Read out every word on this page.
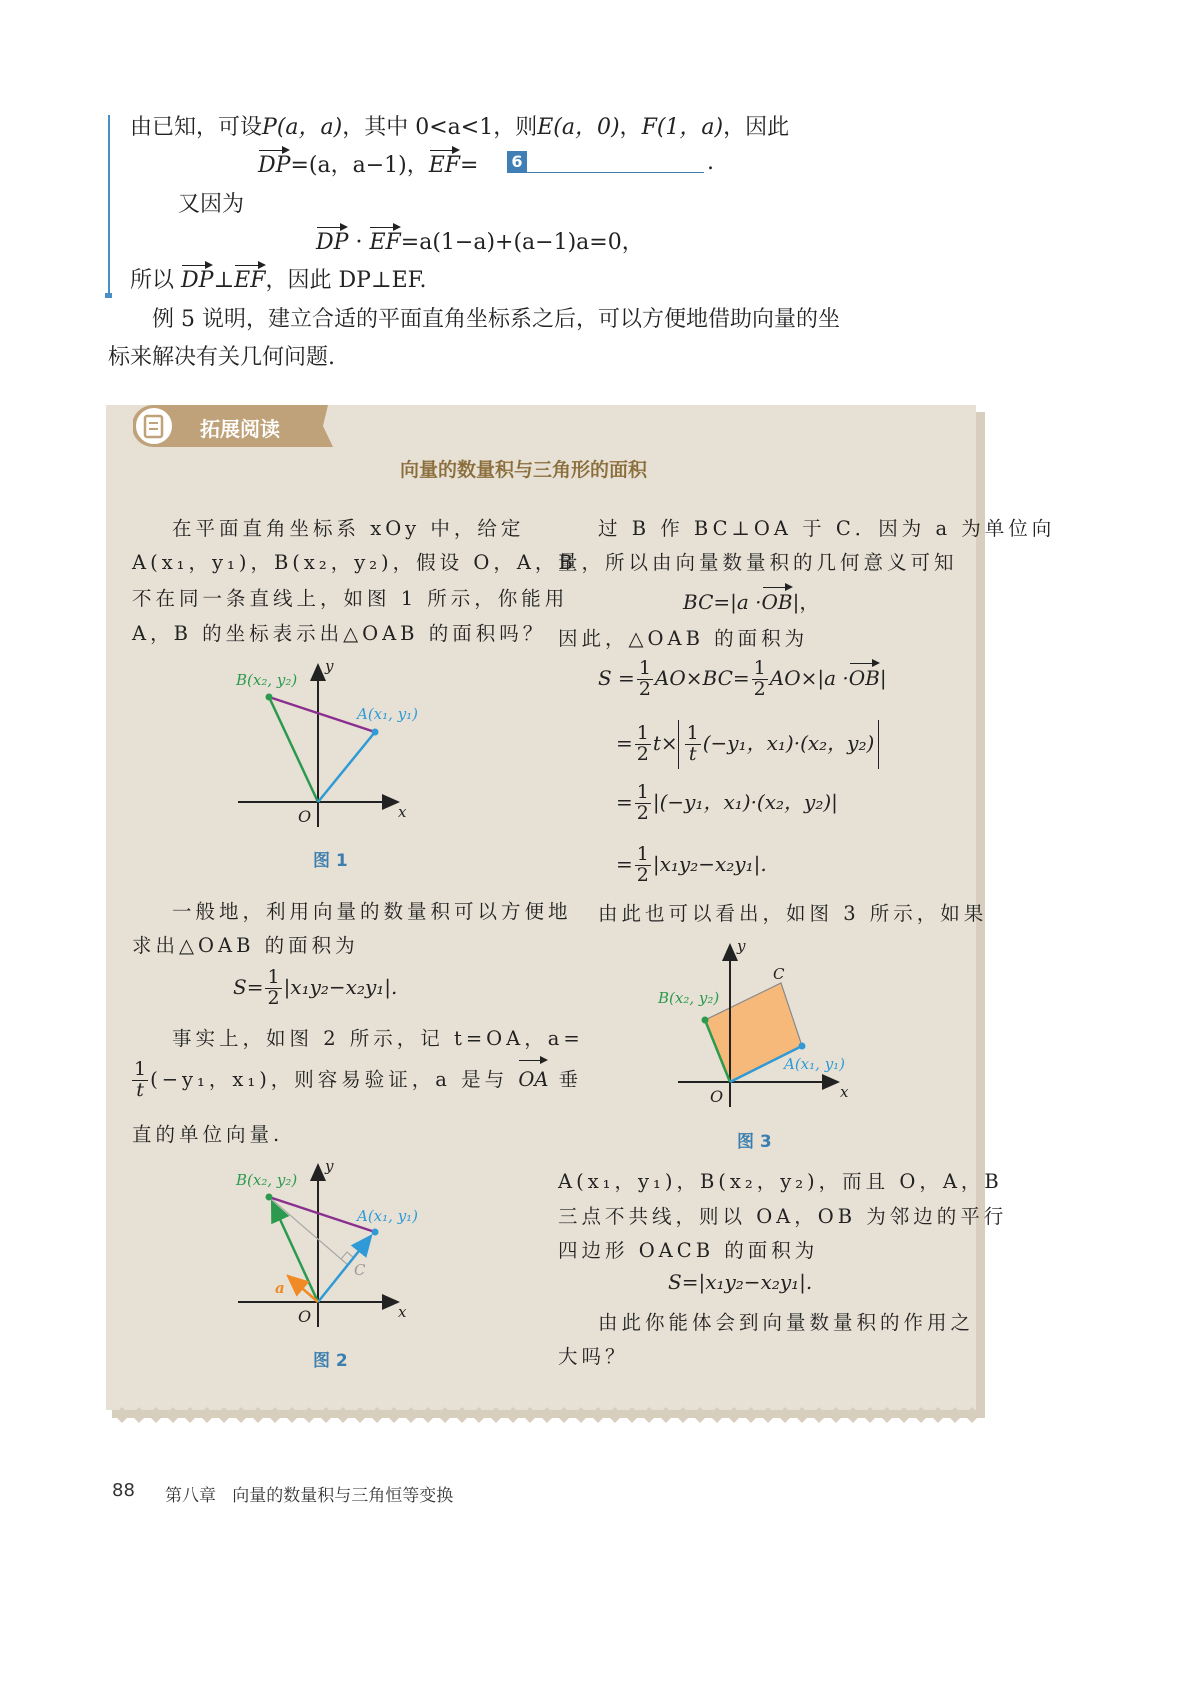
由已知，可设P(a，a)，其中 0<a<1，则E(a，0)，F(1，a)，因此
DP=(a，a−1)，EF= 6	.
又因为
DP · EF=a(1−a)+(a−1)a=0，
所以 DP⊥EF，因此 DP⊥EF.
例 5 说明，建立合适的平面直角坐标系之后，可以方便地借助向量的坐
标来解决有关几何问题.
拓展阅读
向量的数量积与三角形的面积
在平面直角坐标系 xOy 中，给定
A(x₁，y₁)，B(x₂，y₂)，假设 O，A，B
不在同一条直线上，如图 1 所示，你能用
A，B 的坐标表示出△OAB 的面积吗？
B(x₂, y₂)
A(x₁, y₁)
O	x
y
图 1
一般地，利用向量的数量积可以方便地
求出△OAB 的面积为
$S= \frac{1}{2} |x_1y_2-x_2y_1|$.
事实上，如图 2 所示，记 t=OA，a=
$\frac{1}{t} (-y_1$，x₁)，则容易验证，a 是与 OA 垂
直的单位向量.
B(x₂, y₂)
A(x₁, y₁)
C
a
O	x
y
图 2
过 B 作 BC⊥OA 于 C．因为 a 为单位向
量，所以由向量数量积的几何意义可知
BC=|a ·OB|，
因此，△OAB 的面积为
$S = \frac{1}{2} AO\times BC= \frac{1}{2} AO\times|a \cdot OB|$
= $\frac{1}{2} t\times \frac{1}{t} (-y_1$，x₁)·(x₂，y₂)
= $\frac{1}{2} |(-y_1$，x₁)·(x₂，y₂)|
= $\frac{1}{2} |x_1y_2-x_2y_1|$.
由此也可以看出，如图 3 所示，如果
B(x₂, y₂)
A(x₁, y₁)
C
O	x
y
图 3
A(x₁，y₁)，B(x₂，y₂)，而且 O，A，B
三点不共线，则以 OA，OB 为邻边的平行
四边形 OACB 的面积为
S=|x₁y₂−x₂y₁|.
由此你能体会到向量数量积的作用之
大吗？
88 第八章   向量的数量积与三角恒等变换
